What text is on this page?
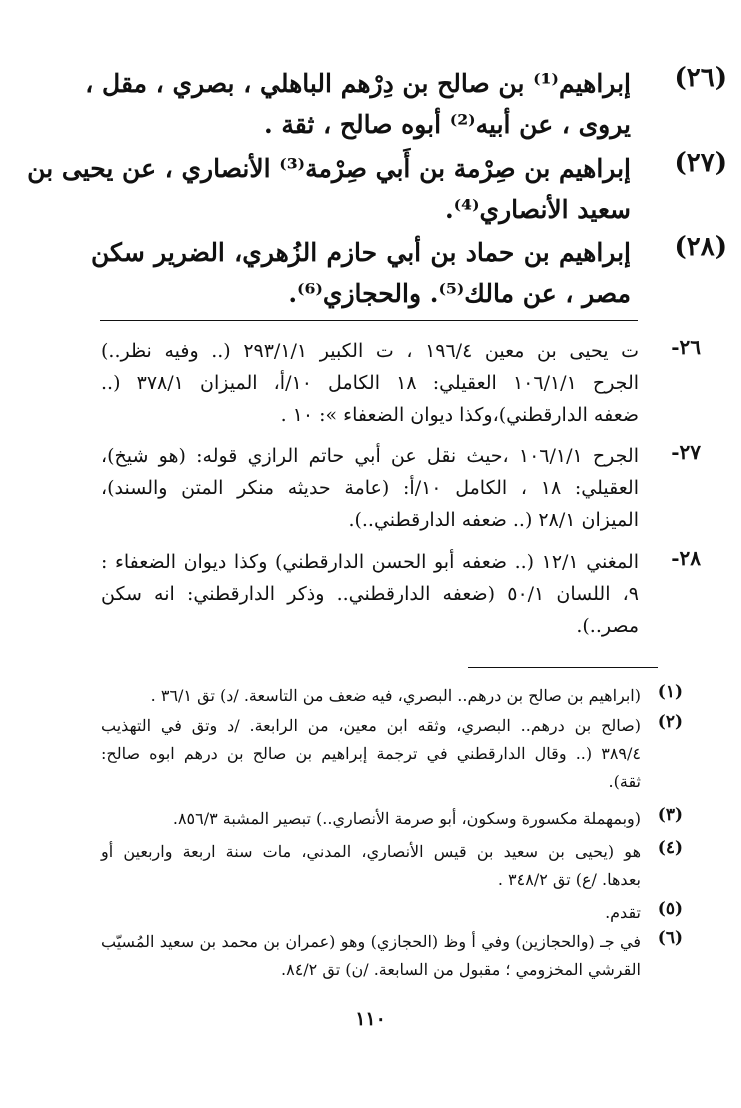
(٢٦)
إبراهيم⁽¹⁾ بن صالح بن دِرْهم الباهلي ، بصري ، مقل ،
يروى ، عن أبيه⁽²⁾ أبوه صالح ، ثقة .
(٢٧)
إبراهيم بن صِرْمة بن أَبي صِرْمة⁽³⁾ الأنصاري ، عن يحيى بن
سعيد الأنصاري⁽⁴⁾.
(٢٨)
إبراهيم بن حماد بن أبي حازم الزُهري، الضرير سكن
مصر ، عن مالك⁽⁵⁾. والحجازي⁽⁶⁾.
٢٦-
ت يحيى بن معين ١٩٦/٤ ، ت الكبير ٢٩٣/١/١ (.. وفيه نظر..)
الجرح ١٠٦/١/١ العقيلي: ١٨ الكامل ١٠/أ، الميزان ٣٧٨/١ (..
ضعفه الدارقطني)،وكذا ديوان الضعفاء »: ١٠ .
٢٧-
الجرح ١٠٦/١/١ ،حيث نقل عن أبي حاتم الرازي قوله: (هو شيخ)،
العقيلي: ١٨ ، الكامل ١٠/أ: (عامة حديثه منكر المتن والسند)،
الميزان ٢٨/١ (.. ضعفه الدارقطني..).
٢٨-
المغني ١٢/١ (.. ضعفه أبو الحسن الدارقطني) وكذا ديوان الضعفاء :
٩، اللسان ٥٠/١ (ضعفه الدارقطني.. وذكر الدارقطني: انه سكن
مصر..).
(١)
(ابراهيم بن صالح بن درهم.. البصري، فيه ضعف من التاسعة. /د) تق ٣٦/١ .
(٢)
(صالح بن درهم.. البصري، وثقه ابن معين، من الرابعة. /د وتق في التهذيب
٣٨٩/٤ (.. وقال الدارقطني في ترجمة إبراهيم بن صالح بن درهم ابوه صالح:
ثقة).
(٣)
(وبمهملة مكسورة وسكون، أبو صرمة الأنصاري..) تبصير المشبة ٨٥٦/٣.
(٤)
هو (يحيى بن سعيد بن قيس الأنصاري، المدني، مات سنة اربعة واربعين أو
بعدها. /ع) تق ٣٤٨/٢ .
(٥)
تقدم.
(٦)
في جـ (والحجازين) وفي أ وظ (الحجازي) وهو (عمران بن محمد بن سعيد المُسيّب
القرشي المخزومي ؛ مقبول من السابعة. /ن) تق ٨٤/٢.
١١٠
